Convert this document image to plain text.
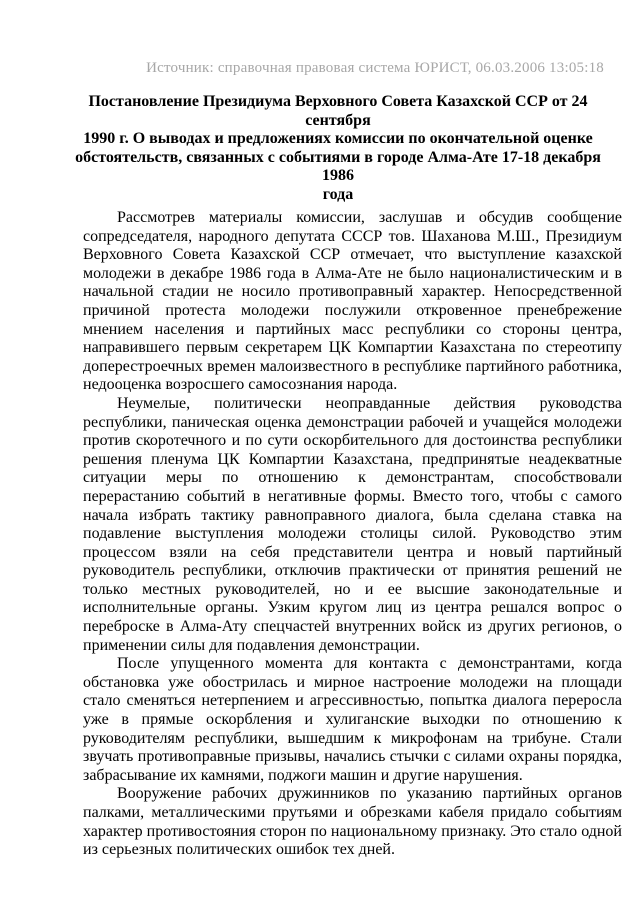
Источник: справочная правовая система ЮРИСТ, 06.03.2006 13:05:18
Постановление Президиума Верховного Совета Казахской ССР от 24
сентября
1990 г. О выводах и предложениях комиссии по окончательной оценке
обстоятельств, связанных с событиями в городе Алма-Ате 17-18 декабря
1986
года

Рассмотрев материалы комиссии, заслушав и обсудив сообщение сопредседателя, народного депутата СССР тов. Шаханова М.Ш., Президиум Верховного Совета Казахской ССР отмечает, что выступление казахской молодежи в декабре 1986 года в Алма-Ате не было националистическим и в начальной стадии не носило противоправный характер. Непосредственной причиной протеста молодежи послужили откровенное пренебрежение мнением населения и партийных масс республики со стороны центра, направившего первым секретарем ЦК Компартии Казахстана по стереотипу доперестроечных времен малоизвестного в республике партийного работника, недооценка возросшего самосознания народа.

Неумелые, политически неоправданные действия руководства республики, паническая оценка демонстрации рабочей и учащейся молодежи против скоротечного и по сути оскорбительного для достоинства республики решения пленума ЦК Компартии Казахстана, предпринятые неадекватные ситуации меры по отношению к демонстрантам, способствовали перерастанию событий в негативные формы. Вместо того, чтобы с самого начала избрать тактику равноправного диалога, была сделана ставка на подавление выступления молодежи столицы силой. Руководство этим процессом взяли на себя представители центра и новый партийный руководитель республики, отключив практически от принятия решений не только местных руководителей, но и ее высшие законодательные и исполнительные органы. Узким кругом лиц из центра решался вопрос о переброске в Алма-Ату спецчастей внутренних войск из других регионов, о применении силы для подавления демонстрации.

После упущенного момента для контакта с демонстрантами, когда обстановка уже обострилась и мирное настроение молодежи на площади стало сменяться нетерпением и агрессивностью, попытка диалога переросла уже в прямые оскорбления и хулиганские выходки по отношению к руководителям республики, вышедшим к микрофонам на трибуне. Стали звучать противоправные призывы, начались стычки с силами охраны порядка, забрасывание их камнями, поджоги машин и другие нарушения.

Вооружение рабочих дружинников по указанию партийных органов палками, металлическими прутьями и обрезками кабеля придало событиям характер противостояния сторон по национальному признаку. Это стало одной из серьезных политических ошибок тех дней.
